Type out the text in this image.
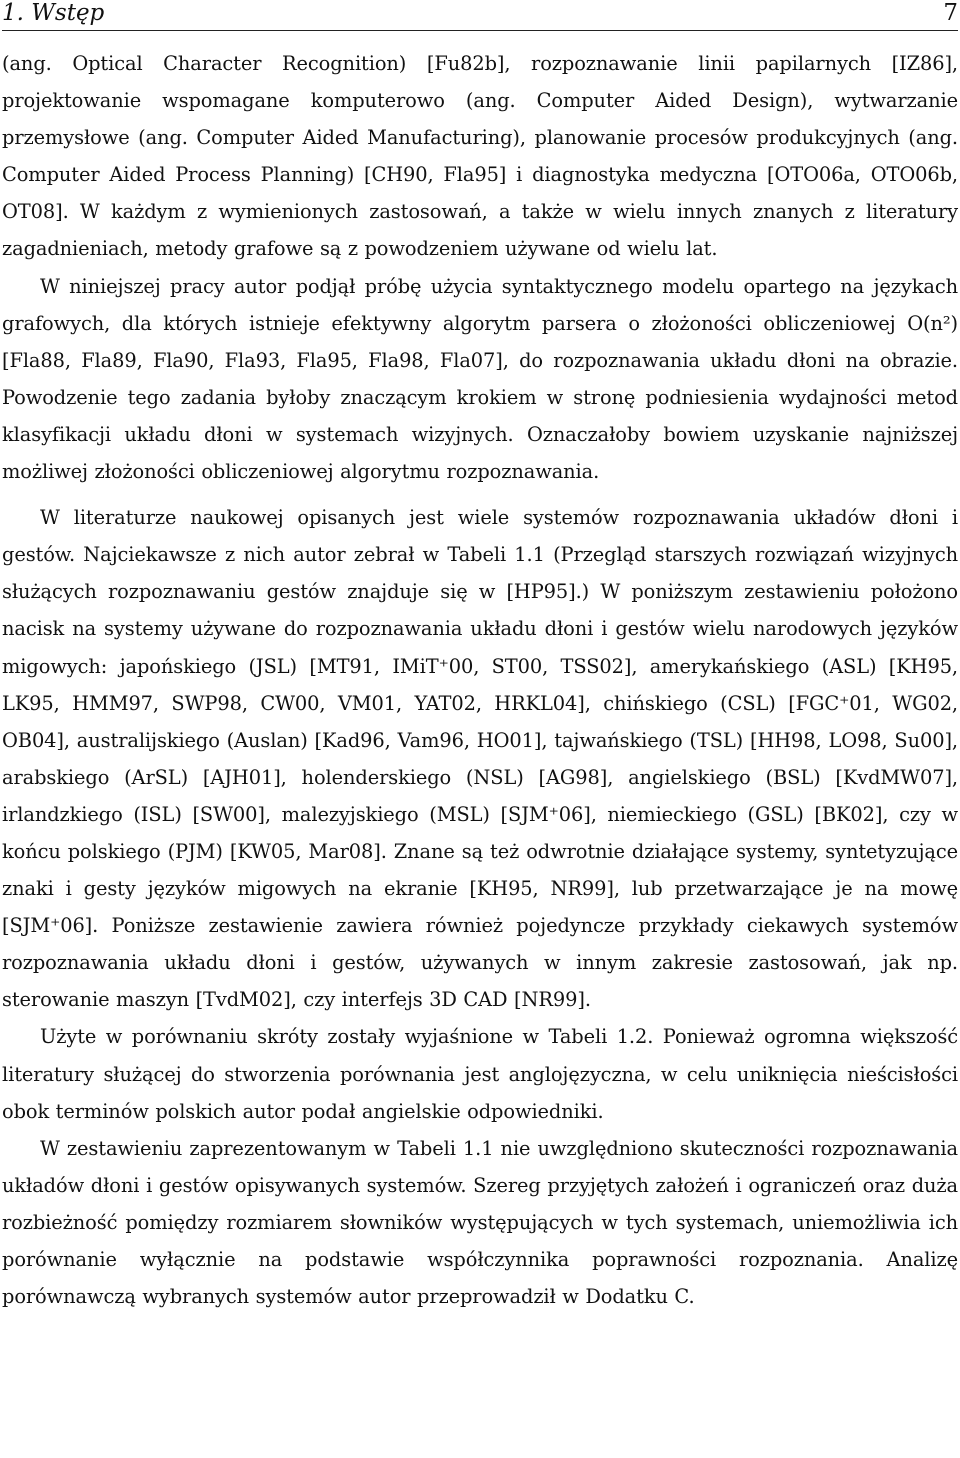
1. Wstęp	7

(ang. Optical Character Recognition) [Fu82b], rozpoznawanie linii papilarnych [IZ86], projektowanie wspomagane komputerowo (ang. Computer Aided Design), wytwarzanie przemysłowe (ang. Computer Aided Manufacturing), planowanie procesów produkcyjnych (ang. Computer Aided Process Planning) [CH90, Fla95] i diagnostyka medyczna [OTO06a, OTO06b, OT08]. W każdym z wymienionych zastosowań, a także w wielu innych znanych z literatury zagadnieniach, metody grafowe są z powodzeniem używane od wielu lat.

W niniejszej pracy autor podjął próbę użycia syntaktycznego modelu opartego na językach grafowych, dla których istnieje efektywny algorytm parsera o złożoności obliczeniowej O(n²) [Fla88, Fla89, Fla90, Fla93, Fla95, Fla98, Fla07], do rozpoznawania układu dłoni na obrazie. Powodzenie tego zadania byłoby znaczącym krokiem w stronę podniesienia wydajności metod klasyfikacji układu dłoni w systemach wizyjnych. Oznaczałoby bowiem uzyskanie najniższej możliwej złożoności obliczeniowej algorytmu rozpoznawania.

W literaturze naukowej opisanych jest wiele systemów rozpoznawania układów dłoni i gestów. Najciekawsze z nich autor zebrał w Tabeli 1.1 (Przegląd starszych rozwiązań wizyjnych służących rozpoznawaniu gestów znajduje się w [HP95].) W poniższym zestawieniu położono nacisk na systemy używane do rozpoznawania układu dłoni i gestów wielu narodowych języków migowych: japońskiego (JSL) [MT91, IMiT⁺00, ST00, TSS02], amerykańskiego (ASL) [KH95, LK95, HMM97, SWP98, CW00, VM01, YAT02, HRKL04], chińskiego (CSL) [FGC⁺01, WG02, OB04], australijskiego (Auslan) [Kad96, Vam96, HO01], tajwańskiego (TSL) [HH98, LO98, Su00], arabskiego (ArSL) [AJH01], holenderskiego (NSL) [AG98], angielskiego (BSL) [KvdMW07], irlandzkiego (ISL) [SW00], malezyjskiego (MSL) [SJM⁺06], niemieckiego (GSL) [BK02], czy w końcu polskiego (PJM) [KW05, Mar08]. Znane są też odwrotnie działające systemy, syntetyzujące znaki i gesty języków migowych na ekranie [KH95, NR99], lub przetwarzające je na mowę [SJM⁺06]. Poniższe zestawienie zawiera również pojedyncze przykłady ciekawych systemów rozpoznawania układu dłoni i gestów, używanych w innym zakresie zastosowań, jak np. sterowanie maszyn [TvdM02], czy interfejs 3D CAD [NR99].

Użyte w porównaniu skróty zostały wyjaśnione w Tabeli 1.2. Ponieważ ogromna większość literatury służącej do stworzenia porównania jest anglojęzyczna, w celu uniknięcia nieścisłości obok terminów polskich autor podał angielskie odpowiedniki.

W zestawieniu zaprezentowanym w Tabeli 1.1 nie uwzględniono skuteczności rozpoznawania układów dłoni i gestów opisywanych systemów. Szereg przyjętych założeń i ograniczeń oraz duża rozbieżność pomiędzy rozmiarem słowników występujących w tych systemach, uniemożliwia ich porównanie wyłącznie na podstawie współczynnika poprawności rozpoznania. Analizę porównawczą wybranych systemów autor przeprowadził w Dodatku C.
